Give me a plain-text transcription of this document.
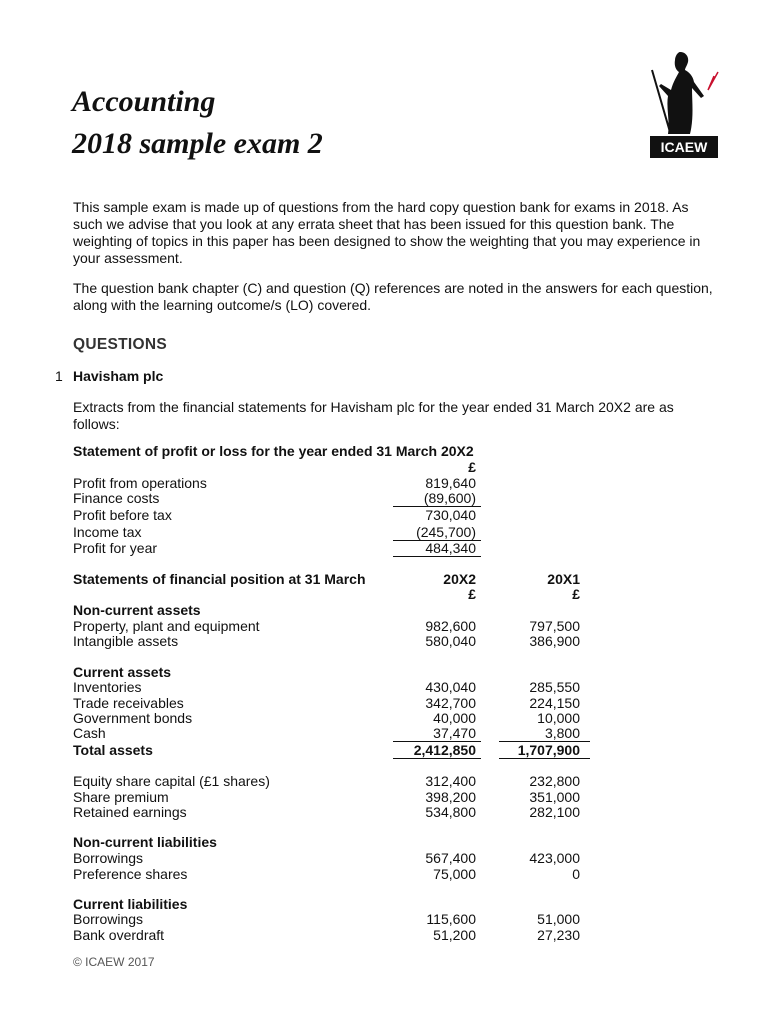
Accounting
2018 sample exam 2	ICAEW
This sample exam is made up of questions from the hard copy question bank for exams in 2018. As such we advise that you look at any errata sheet that has been issued for this question bank. The weighting of topics in this paper has been designed to show the weighting that you may experience in your assessment.
The question bank chapter (C) and question (Q) references are noted in the answers for each question, along with the learning outcome/s (LO) covered.
QUESTIONS
1 Havisham plc
Extracts from the financial statements for Havisham plc for the year ended 31 March 20X2 are as follows:
Statement of profit or loss for the year ended 31 March 20X2
£
Profit from operations	819,640
Finance costs	(89,600)
Profit before tax	730,040
Income tax	(245,700)
Profit for year	484,340
Statements of financial position at 31 March	20X2	20X1
£	£
Non-current assets
Property, plant and equipment	982,600	797,500
Intangible assets	580,040	386,900
Current assets
Inventories	430,040	285,550
Trade receivables	342,700	224,150
Government bonds	40,000	10,000
Cash	37,470	3,800
Total assets	2,412,850	1,707,900
Equity share capital (£1 shares)	312,400	232,800
Share premium	398,200	351,000
Retained earnings	534,800	282,100
Non-current liabilities
Borrowings	567,400	423,000
Preference shares	75,000	0
Current liabilities
Borrowings	115,600	51,000
Bank overdraft	51,200	27,230
© ICAEW 2017
